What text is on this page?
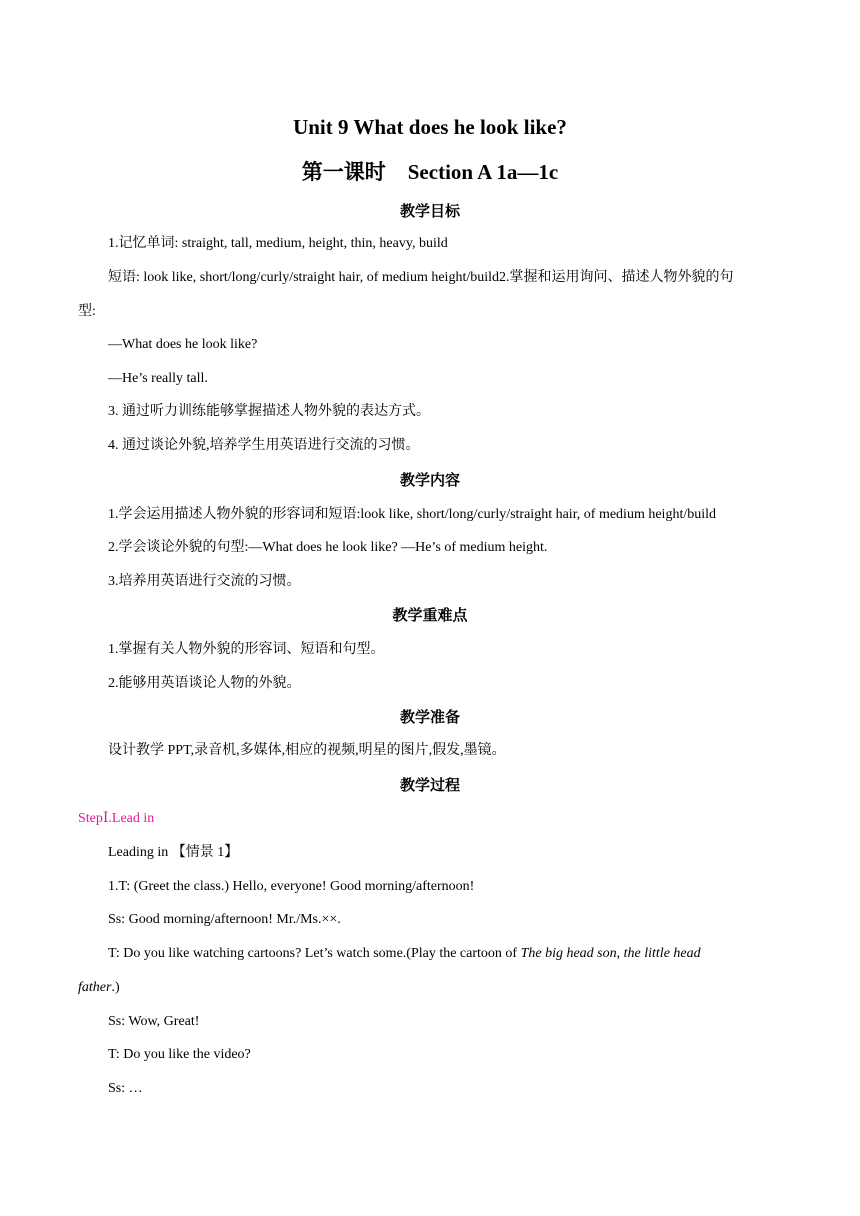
Unit 9 What does he look like?
第一课时 Section A 1a—1c
教学目标
1.记忆单词: straight, tall, medium, height, thin, heavy, build
短语: look like, short/long/curly/straight hair, of medium height/build2.掌握和运用询问、描述人物外貌的句
型:
—What does he look like?
—He’s really tall.
3. 通过听力训练能够掌握描述人物外貌的表达方式。
4. 通过谈论外貌,培养学生用英语进行交流的习惯。
教学内容
1.学会运用描述人物外貌的形容词和短语:look like, short/long/curly/straight hair, of medium height/build
2.学会谈论外貌的句型:—What does he look like? —He’s of medium height.
3.培养用英语进行交流的习惯。
教学重难点
1.掌握有关人物外貌的形容词、短语和句型。
2.能够用英语谈论人物的外貌。
教学准备
设计教学 PPT,录音机,多媒体,相应的视频,明星的图片,假发,墨镜。
教学过程
StepⅠ.Lead in
Leading in 【情景 1】
1.T: (Greet the class.) Hello, everyone! Good morning/afternoon!
Ss: Good morning/afternoon! Mr./Ms.××.
T: Do you like watching cartoons? Let’s watch some.(Play the cartoon of The big head son, the little head
father.)
Ss: Wow, Great!
T: Do you like the video?
Ss: …
